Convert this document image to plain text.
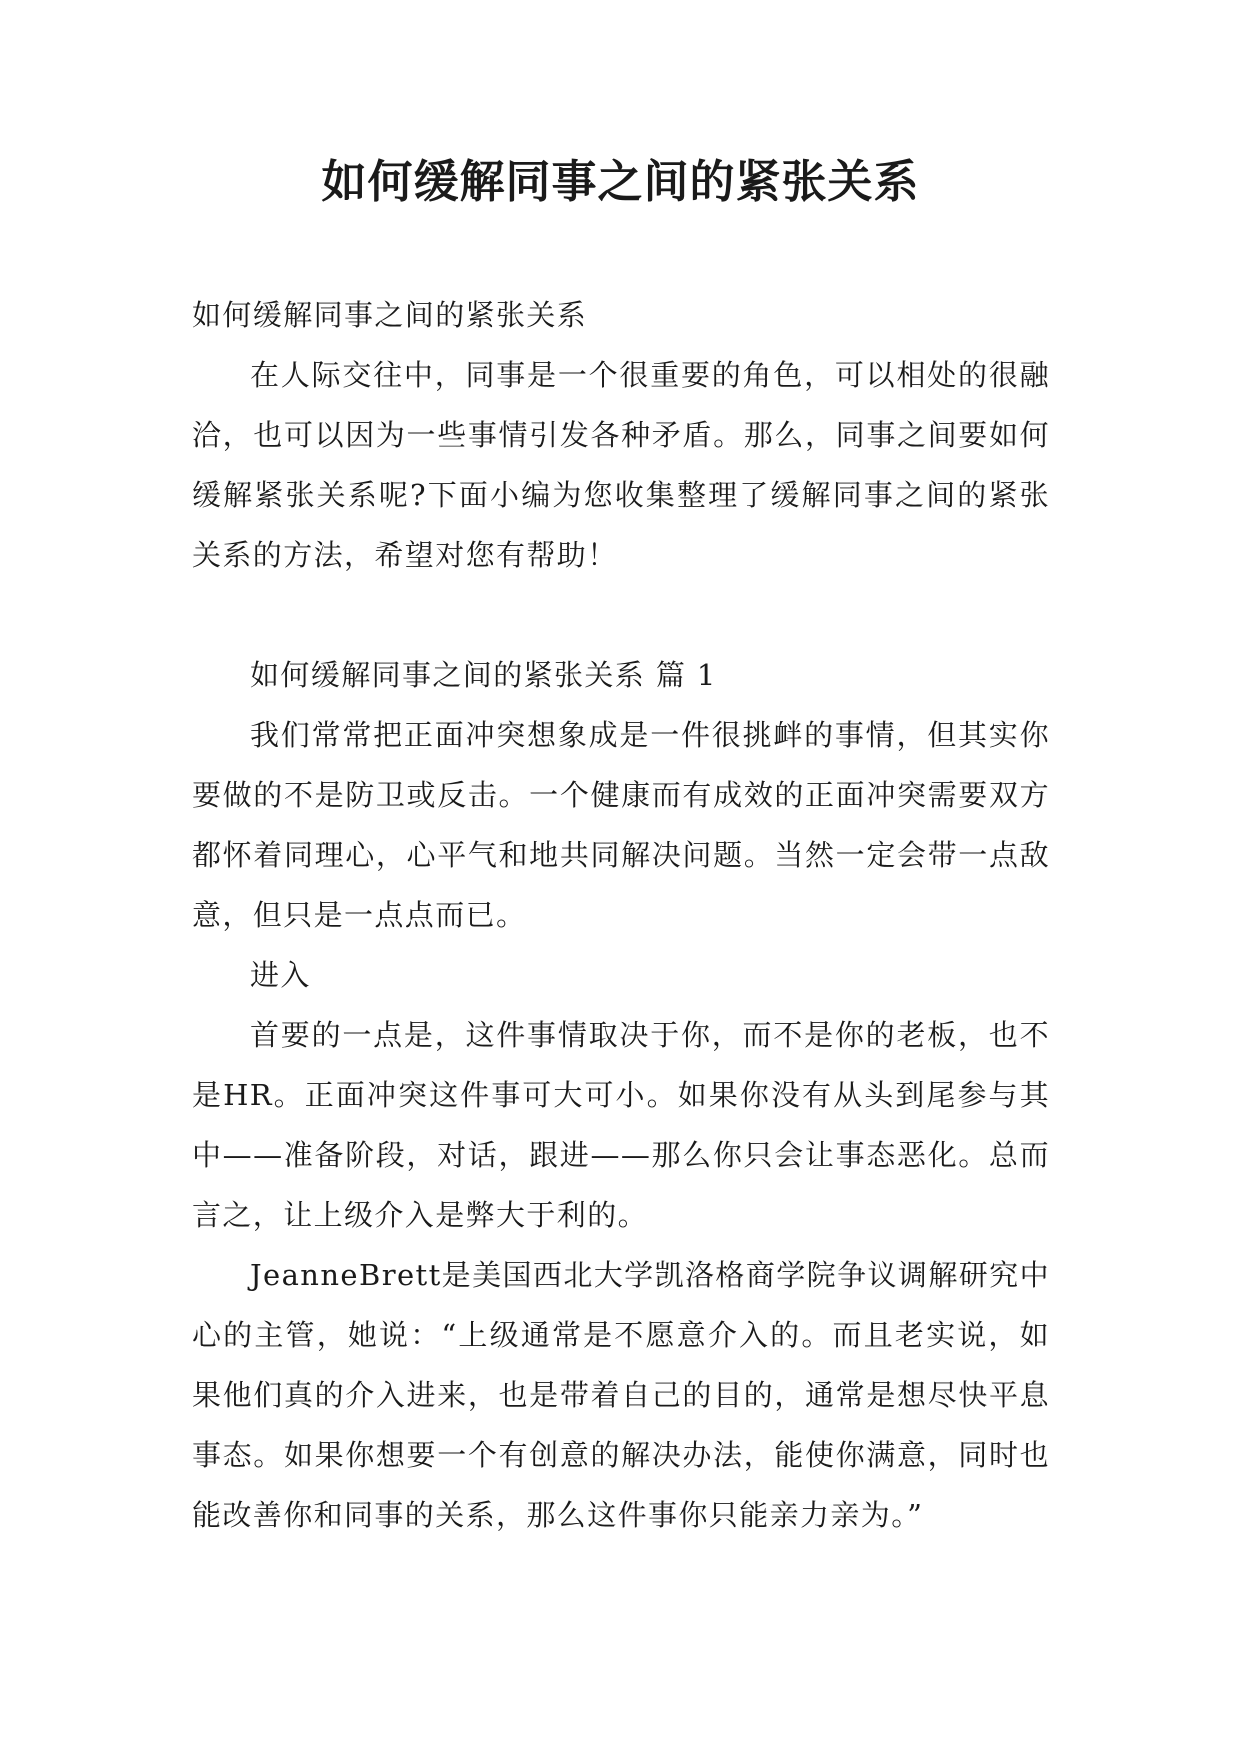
如何缓解同事之间的紧张关系

如何缓解同事之间的紧张关系

在人际交往中，同事是一个很重要的角色，可以相处的很融洽，也可以因为一些事情引发各种矛盾。那么，同事之间要如何缓解紧张关系呢?下面小编为您收集整理了缓解同事之间的紧张关系的方法，希望对您有帮助！

如何缓解同事之间的紧张关系 篇 1

我们常常把正面冲突想象成是一件很挑衅的事情，但其实你要做的不是防卫或反击。一个健康而有成效的正面冲突需要双方都怀着同理心，心平气和地共同解决问题。当然一定会带一点敌意，但只是一点点而已。

进入

首要的一点是，这件事情取决于你，而不是你的老板，也不是HR。正面冲突这件事可大可小。如果你没有从头到尾参与其中——准备阶段，对话，跟进——那么你只会让事态恶化。总而言之，让上级介入是弊大于利的。

JeanneBrett是美国西北大学凯洛格商学院争议调解研究中心的主管，她说：“上级通常是不愿意介入的。而且老实说，如果他们真的介入进来，也是带着自己的目的，通常是想尽快平息事态。如果你想要一个有创意的解决办法，能使你满意，同时也能改善你和同事的关系，那么这件事你只能亲力亲为。”
